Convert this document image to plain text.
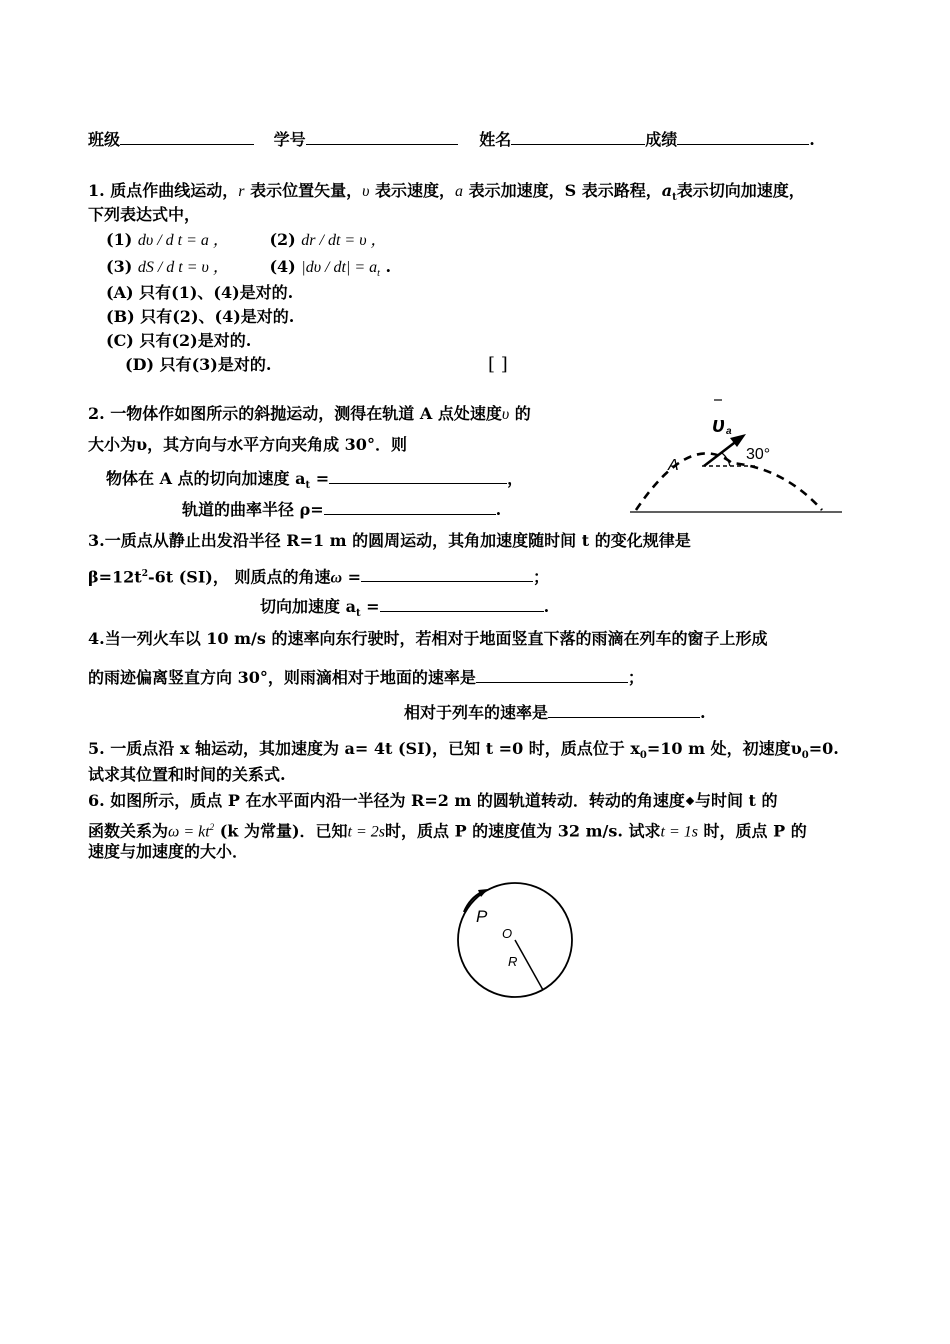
班级	学号	姓名	成绩	.
1. 质点作曲线运动，r 表示位置矢量，υ 表示速度，a 表示加速度，S 表示路程，$a_t$表示切向加速度，
下列表达式中，
(1) dυ / d t = a ，	(2) dr / dt = υ ，
(3) dS / d t = υ ，	(4) $|d\upsilon / dt| = a_t$ .
(A) 只有(1)、(4)是对的.
(B) 只有(2)、(4)是对的.
(C) 只有(2)是对的.
(D) 只有(3)是对的.	[ ]
2. 一物体作如图所示的斜抛运动，测得在轨道 A 点处速度υ 的
大小为υ，其方向与水平方向夹角成 30°．则
物体在 A 点的切向加速度 $a_t$ =	，
轨道的曲率半径 ρ=	.
υ a
30°
A
3.一质点从静止出发沿半径 R=1 m 的圆周运动，其角加速度随时间 t 的变化规律是
$\beta=12t^2-6t$ (SI)， 则质点的角速ω =	；
切向加速度 $a_t$ =	.
4.当一列火车以 10 m/s 的速率向东行驶时，若相对于地面竖直下落的雨滴在列车的窗子上形成
的雨迹偏离竖直方向 30°，则雨滴相对于地面的速率是	；
相对于列车的速率是	.
5. 一质点沿 x 轴运动，其加速度为 a= 4t (SI)，已知 t =0 时，质点位于 $x_0=10$ m 处，初速度$\upsilon_0=0$.
试求其位置和时间的关系式.
6. 如图所示，质点 P 在水平面内沿一半径为 R=2 m 的圆轨道转动．转动的角速度 与时间 t 的
函数关系为$\omega = kt^2$ (k 为常量)．已知t = 2s时，质点 P 的速度值为 32 m/s. 试求t = 1s 时，质点 P 的
速度与加速度的大小．
P
O
R
